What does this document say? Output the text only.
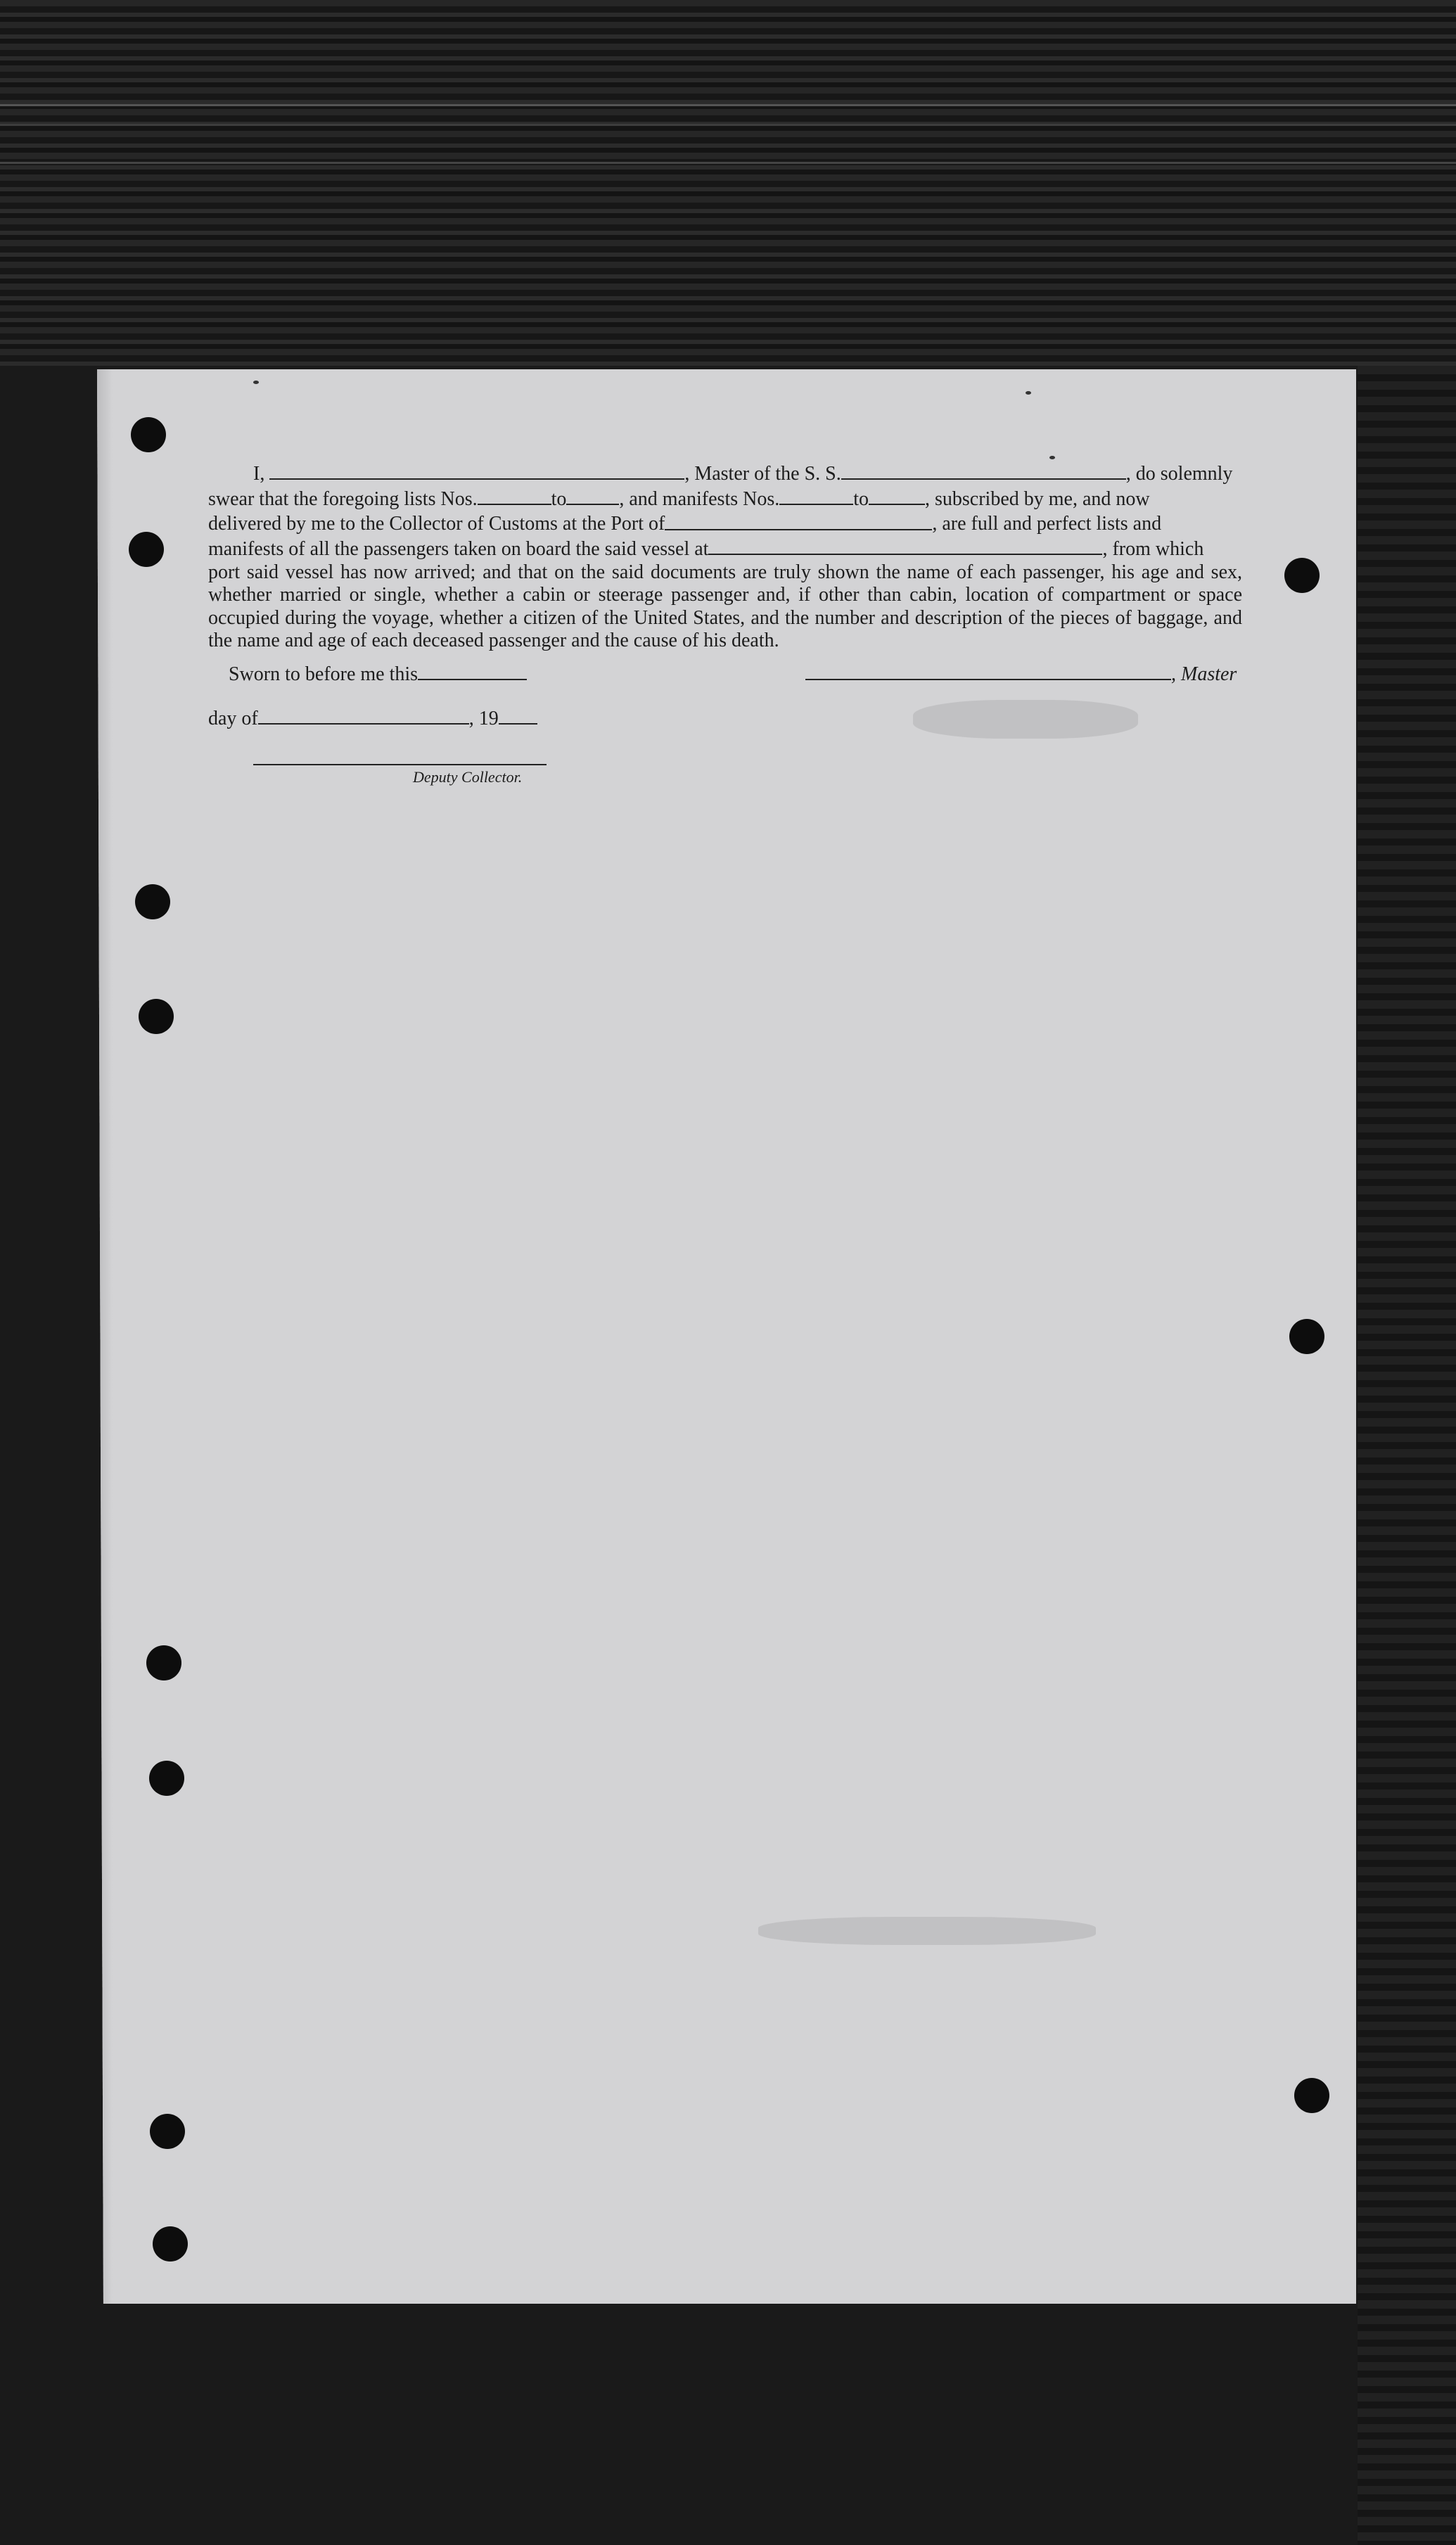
I,	, Master of the S. S.	, do solemnly

swear that the foregoing lists Nos.	to	, and manifests Nos.	to	, subscribed by me, and now

delivered by me to the Collector of Customs at the Port of	, are full and perfect lists and

manifests of all the passengers taken on board the said vessel at	, from which

port said vessel has now arrived; and that on the said documents are truly shown the name of each passenger, his age and sex, whether married or single, whether a cabin or steerage passenger and, if other than cabin, location of compartment or space occupied during the voyage, whether a citizen of the United States, and the number and description of the pieces of baggage, and the name and age of each deceased passenger and the cause of his death.

Sworn to before me this	, Master
day of	, 19
Deputy Collector.
